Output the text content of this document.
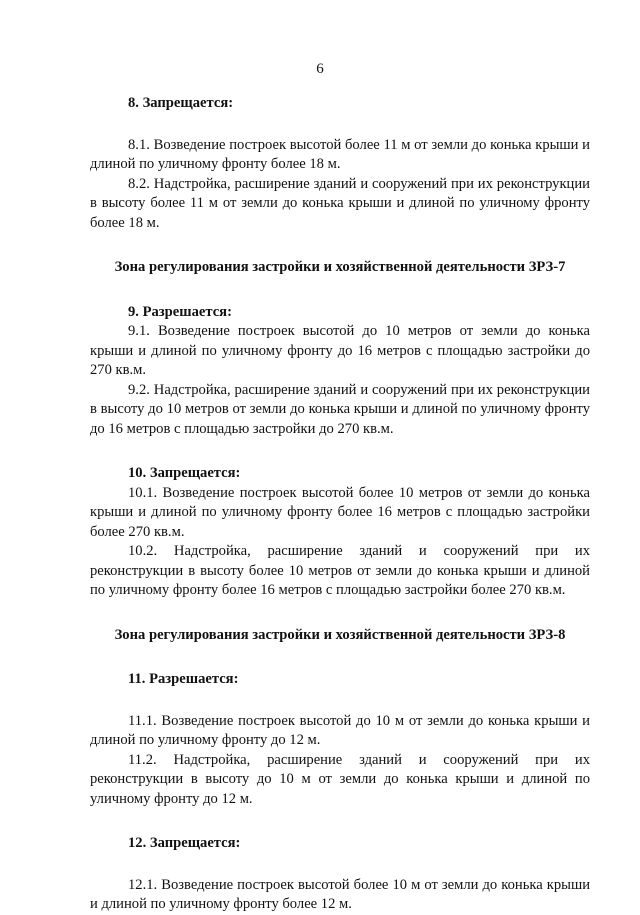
6

8. Запрещается:

8.1. Возведение построек высотой более 11 м от земли до конька крыши и длиной по уличному фронту более 18 м.

8.2. Надстройка, расширение зданий и сооружений при их реконструкции в высоту более 11 м от земли до конька крыши и длиной по уличному фронту более 18 м.

Зона регулирования застройки и хозяйственной деятельности ЗРЗ-7

9. Разрешается:

9.1. Возведение построек высотой до 10 метров от земли до конька крыши и длиной по уличному фронту до 16 метров с площадью застройки до 270 кв.м.

9.2. Надстройка, расширение зданий и сооружений при их реконструкции в высоту до 10 метров от земли до конька крыши и длиной по уличному фронту до 16 метров с площадью застройки до 270 кв.м.

10. Запрещается:

10.1. Возведение построек высотой более 10 метров от земли до конька крыши и длиной по уличному фронту более 16 метров с площадью застройки более 270 кв.м.

10.2. Надстройка, расширение зданий и сооружений при их реконструкции в высоту более 10 метров от земли до конька крыши и длиной по уличному фронту более 16 метров с площадью застройки более 270 кв.м.

Зона регулирования застройки и хозяйственной деятельности ЗРЗ-8

11. Разрешается:

11.1. Возведение построек высотой до 10 м от земли до конька крыши и длиной по уличному фронту до 12 м.

11.2. Надстройка, расширение зданий и сооружений при их реконструкции в высоту до 10 м от земли до конька крыши и длиной по уличному фронту до 12 м.

12. Запрещается:

12.1. Возведение построек высотой более 10 м от земли до конька крыши и длиной по уличному фронту более 12 м.
